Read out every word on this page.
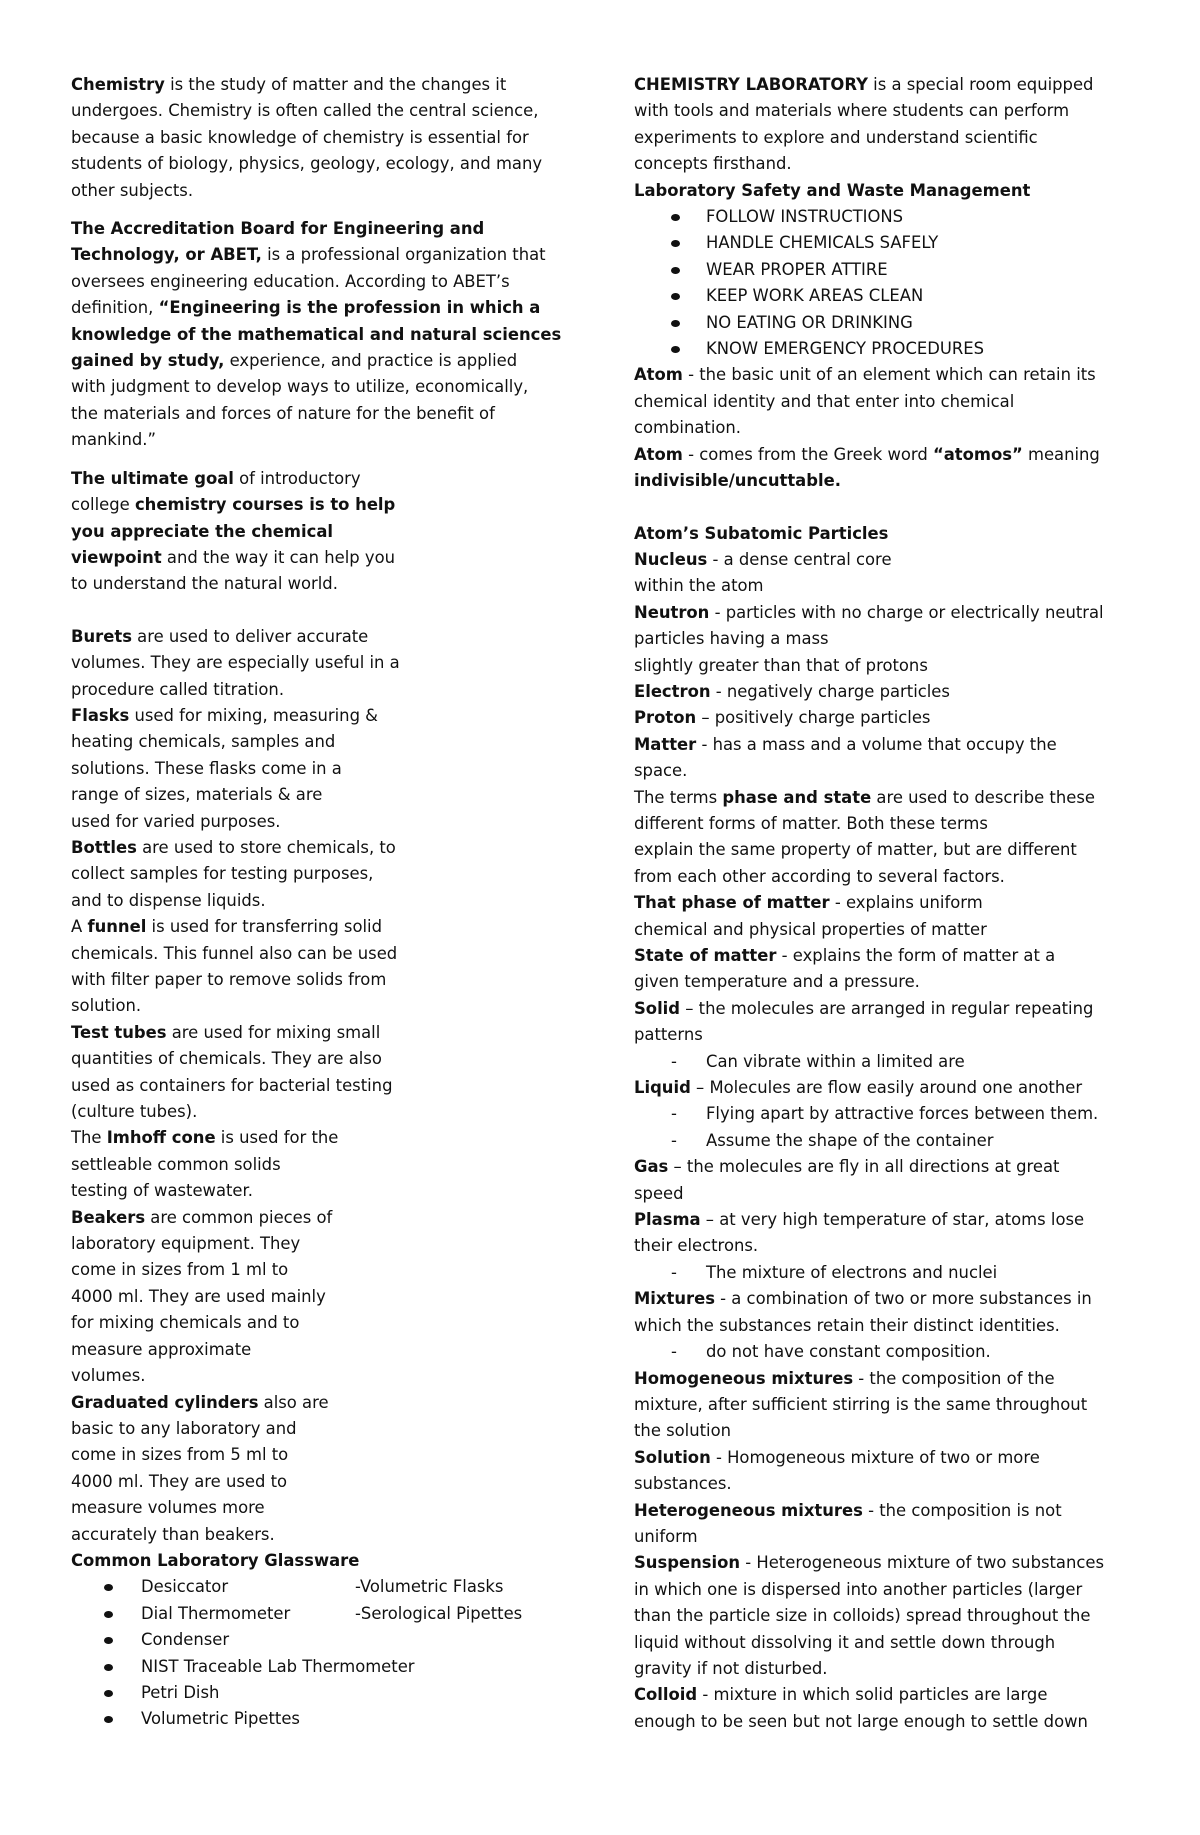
Chemistry is the study of matter and the changes it
undergoes. Chemistry is often called the central science,
because a basic knowledge of chemistry is essential for
students of biology, physics, geology, ecology, and many
other subjects.
The Accreditation Board for Engineering and
Technology, or ABET, is a professional organization that
oversees engineering education. According to ABET’s
definition, “Engineering is the profession in which a
knowledge of the mathematical and natural sciences
gained by study, experience, and practice is applied
with judgment to develop ways to utilize, economically,
the materials and forces of nature for the benefit of
mankind.”
The ultimate goal of introductory
college chemistry courses is to help
you appreciate the chemical
viewpoint and the way it can help you
to understand the natural world.
Burets are used to deliver accurate
volumes. They are especially useful in a
procedure called titration.
Flasks used for mixing, measuring &
heating chemicals, samples and
solutions. These flasks come in a
range of sizes, materials & are
used for varied purposes.
Bottles are used to store chemicals, to
collect samples for testing purposes,
and to dispense liquids.
A funnel is used for transferring solid
chemicals. This funnel also can be used
with filter paper to remove solids from
solution.
Test tubes are used for mixing small
quantities of chemicals. They are also
used as containers for bacterial testing
(culture tubes).
The Imhoff cone is used for the
settleable common solids
testing of wastewater.
Beakers are common pieces of
laboratory equipment. They
come in sizes from 1 ml to
4000 ml. They are used mainly
for mixing chemicals and to
measure approximate
volumes.
Graduated cylinders also are
basic to any laboratory and
come in sizes from 5 ml to
4000 ml. They are used to
measure volumes more
accurately than beakers.
Common Laboratory Glassware
Desiccator	-Volumetric Flasks
Dial Thermometer	-Serological Pipettes
Condenser
NIST Traceable Lab Thermometer
Petri Dish
Volumetric Pipettes
CHEMISTRY LABORATORY is a special room equipped
with tools and materials where students can perform
experiments to explore and understand scientific
concepts firsthand.
Laboratory Safety and Waste Management
FOLLOW INSTRUCTIONS
HANDLE CHEMICALS SAFELY
WEAR PROPER ATTIRE
KEEP WORK AREAS CLEAN
NO EATING OR DRINKING
KNOW EMERGENCY PROCEDURES
Atom - the basic unit of an element which can retain its
chemical identity and that enter into chemical
combination.
Atom - comes from the Greek word “atomos” meaning
indivisible/uncuttable.
Atom’s Subatomic Particles
Nucleus - a dense central core
within the atom
Neutron - particles with no charge or electrically neutral
particles having a mass
slightly greater than that of protons
Electron - negatively charge particles
Proton – positively charge particles
Matter - has a mass and a volume that occupy the
space.
The terms phase and state are used to describe these
different forms of matter. Both these terms
explain the same property of matter, but are different
from each other according to several factors.
That phase of matter - explains uniform
chemical and physical properties of matter
State of matter - explains the form of matter at a
given temperature and a pressure.
Solid – the molecules are arranged in regular repeating
patterns
- Can vibrate within a limited are
Liquid – Molecules are flow easily around one another
- Flying apart by attractive forces between them.
- Assume the shape of the container
Gas – the molecules are fly in all directions at great
speed
Plasma – at very high temperature of star, atoms lose
their electrons.
- The mixture of electrons and nuclei
Mixtures - a combination of two or more substances in
which the substances retain their distinct identities.
- do not have constant composition.
Homogeneous mixtures - the composition of the
mixture, after sufficient stirring is the same throughout
the solution
Solution - Homogeneous mixture of two or more
substances.
Heterogeneous mixtures - the composition is not
uniform
Suspension - Heterogeneous mixture of two substances
in which one is dispersed into another particles (larger
than the particle size in colloids) spread throughout the
liquid without dissolving it and settle down through
gravity if not disturbed.
Colloid - mixture in which solid particles are large
enough to be seen but not large enough to settle down
